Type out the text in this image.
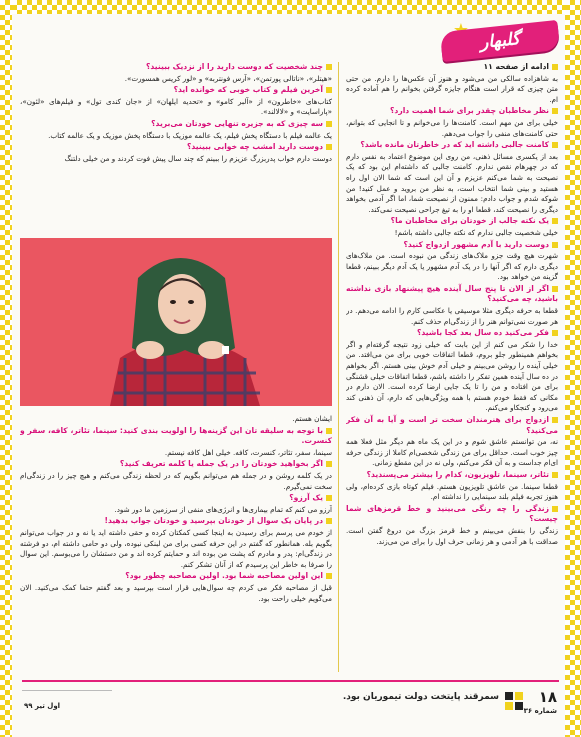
گلبهار

ادامه از صفحه ۱۱

به شاهزاده سالکی من می‌شود و هنوز آن عکس‌ها را دارم. من حتی متن چیزی که قرار است هنگام جایزه گرفتن بخوانم را هم آماده کرده ام.

نظر مخاطبان چقدر برای شما اهمیت دارد؟

خیلی برای من مهم است. کامنت‌ها را می‌خوانم و تا انجایی که بتوانم، حتی کامنت‌های منفی را جواب می‌دهم.

کامنت جالبی داشته اید که در خاطرتان مانده باشد؟

بعد از یکسری مسائل ذهنی، من روی این موضوع اعتماد به نفس دارم که در چهرهام نقص ندارم. کامنت جالبی که داشته‌ام این بود که یک نصیحت به شما می‌کنم عزیزم و آن این است که شما الان اول راه هستید و بینی شما انتخاب است، به نظر من بروید و عمل کنید! من شوکه شدم و جواب دادم: ممنون از نصیحت شما، اما اگر آدمی بخواهد دیگری را نصیحت کند، قطعا او را به تیغ جراحی نصیحت نمی‌کند.

یک نکته جالب از خودتان برای مخاطبان ما؟

خیلی شخصیت جالبی ندارم که نکته جالبی داشته باشم!

دوست دارید با آدم مشهور ازدواج کنید؟

شهرت هیچ وقت جزو ملاک‌های زندگی من نبوده است. من ملاک‌های دیگری دارم که اگر آنها را در یک آدم مشهور یا یک آدم دیگر ببینم، قطعا گزینه من خواهد بود.

اگر از الان تا پنج سال آینده هیچ پیشنهاد بازی نداشته باشید، چه می‌کنید؟

قطعا به حرفه دیگری مثلا موسیقی یا عکاسی کارم را ادامه می‌دهم. در هر صورت نمی‌توانم هنر را از زندگی‌ام حذف کنم.

فکر می‌کنید ده سال بعد کجا باشید؟

خدا را شکر می کنم از این بابت که خیلی زود نتیجه گرفته‌ام و اگر بخواهم همینطور جلو بروم، قطعا اتفاقات خوبی برای من می‌افتد. من خیلی آینده را روشن می‌بینم و خیلی آدم خوش بینی هستم. اگر بخواهم در ده سال آینده همین تفکر را داشته باشم، قطعا اتفاقات خیلی قشنگی برای من افتاده و من را تا یک جایی ارضا کرده است. الان دارم در مکانی که فقط خودم هستم با همه ویژگی‌هایی که دارم، آن ذهنی کند می‌رود و کنجکاو می‌کنم.

ازدواج برای هنرمندان سخت تر است و آیا به آن فکر می‌کنید؟

نه، من توانستم عاشق شوم و در این یک ماه هم دیگر مثل فعلا همه چیز خوب است. حداقل برای من زندگی شخصی‌ام کاملا از زندگی حرفه ای‌ام جداست و به آن فکر می‌کنم، ولی نه در این مقطع زمانی.

تئاتر، سینما، تلویزیون، کدام را بیشتر می‌پسندید؟

قطعا سینما. من عاشق تلویزیون هستم. فیلم کوتاه بازی کرده‌ام، ولی هنوز تجربه فیلم بلند سینمایی را نداشته ام.

زندگی را چه رنگی می‌بینید و خط قرمزهای شما چیست؟

زندگی را بنفش می‌بینم و خط قرمز بزرگ من دروغ گفتن است. صداقت با هر آدمی و هر زمانی حرف اول را برای من می‌زند.

چند شخصیت که دوست دارید را از نزدیک ببینید؟

«هیتلر»، «ناتالی پورتمن»، «آرس فونتربه» و «لور کریس همسورت».

آخرین فیلم و کتاب خوبی که خوانده اید؟

کتاب‌های «خاطرون» از «آلبر کامو» و «تحدیه ایلهان» از «جان کندی تول» و فیلم‌های «لئون»، «پاراسایت» و «لالالند».

سه چیزی که به جزیره تنهایی خودتان می‌برید؟

یک عالمه فیلم با دستگاه پخش فیلم، یک عالمه موزیک با دستگاه پخش موزیک و یک عالمه کتاب.

دوست دارید امشب چه خوابی ببینید؟

دوست دارم خواب پدربزرگ عزیزم را ببینم که چند سال پیش فوت کردند و من خیلی دلتنگ

ایشان هستم.

با توجه به سلیقه تان این گزینه‌ها را اولویت بندی کنید: سینما، تئاتر، کافه، سفر و کنسرت.

سینما، سفر، تئاتر، کنسرت، کافه. خیلی اهل کافه نیستم.

اگر بخواهید خودتان را در یک جمله یا کلمه تعریف کنید؟

در یک کلمه روشن و در جمله هم می‌توانم بگویم که در لحظه زندگی می‌کنم و هیچ چیز را در زندگی‌ام سخت نمی‌گیرم.

یک آرزو؟

آرزو می کنم که تمام بیماری‌ها و انرژی‌های منفی از سرزمین ما دور شود.

در پایان یک سوال از خودتان بپرسید و خودتان جواب بدهید!

از خودم می پرسم برای رسیدن به اینجا کسی کمکتان کرده و حقی داشته اید یا نه و در جواب می‌توانم بگویم بله. همانطور که گفتم در این حرفه کسی برای من لبنکی نبوده، ولی دو حامی داشته ام، دو فرشته در زندگی‌ام: پدر و مادرم که پشت من بوده اند و حمایتم کرده اند و من دستشان را می‌بوسم. این سوال را صرفا به خاطر این پرسیدم که از آنان تشکر کنم.

این اولین مصاحبه شما بود. اولین مصاحبه چطور بود؟

قبل از مصاحبه فکر می کردم چه سوال‌هایی قرار است بپرسید و بعد گفتم حتما کمک می‌کنید. الان می‌گویم خیلی راحت بود.

۱۸
شماره ۳۶
سمرقند پایتخت دولت تیموریان بود.
اول تیر ۹۹
